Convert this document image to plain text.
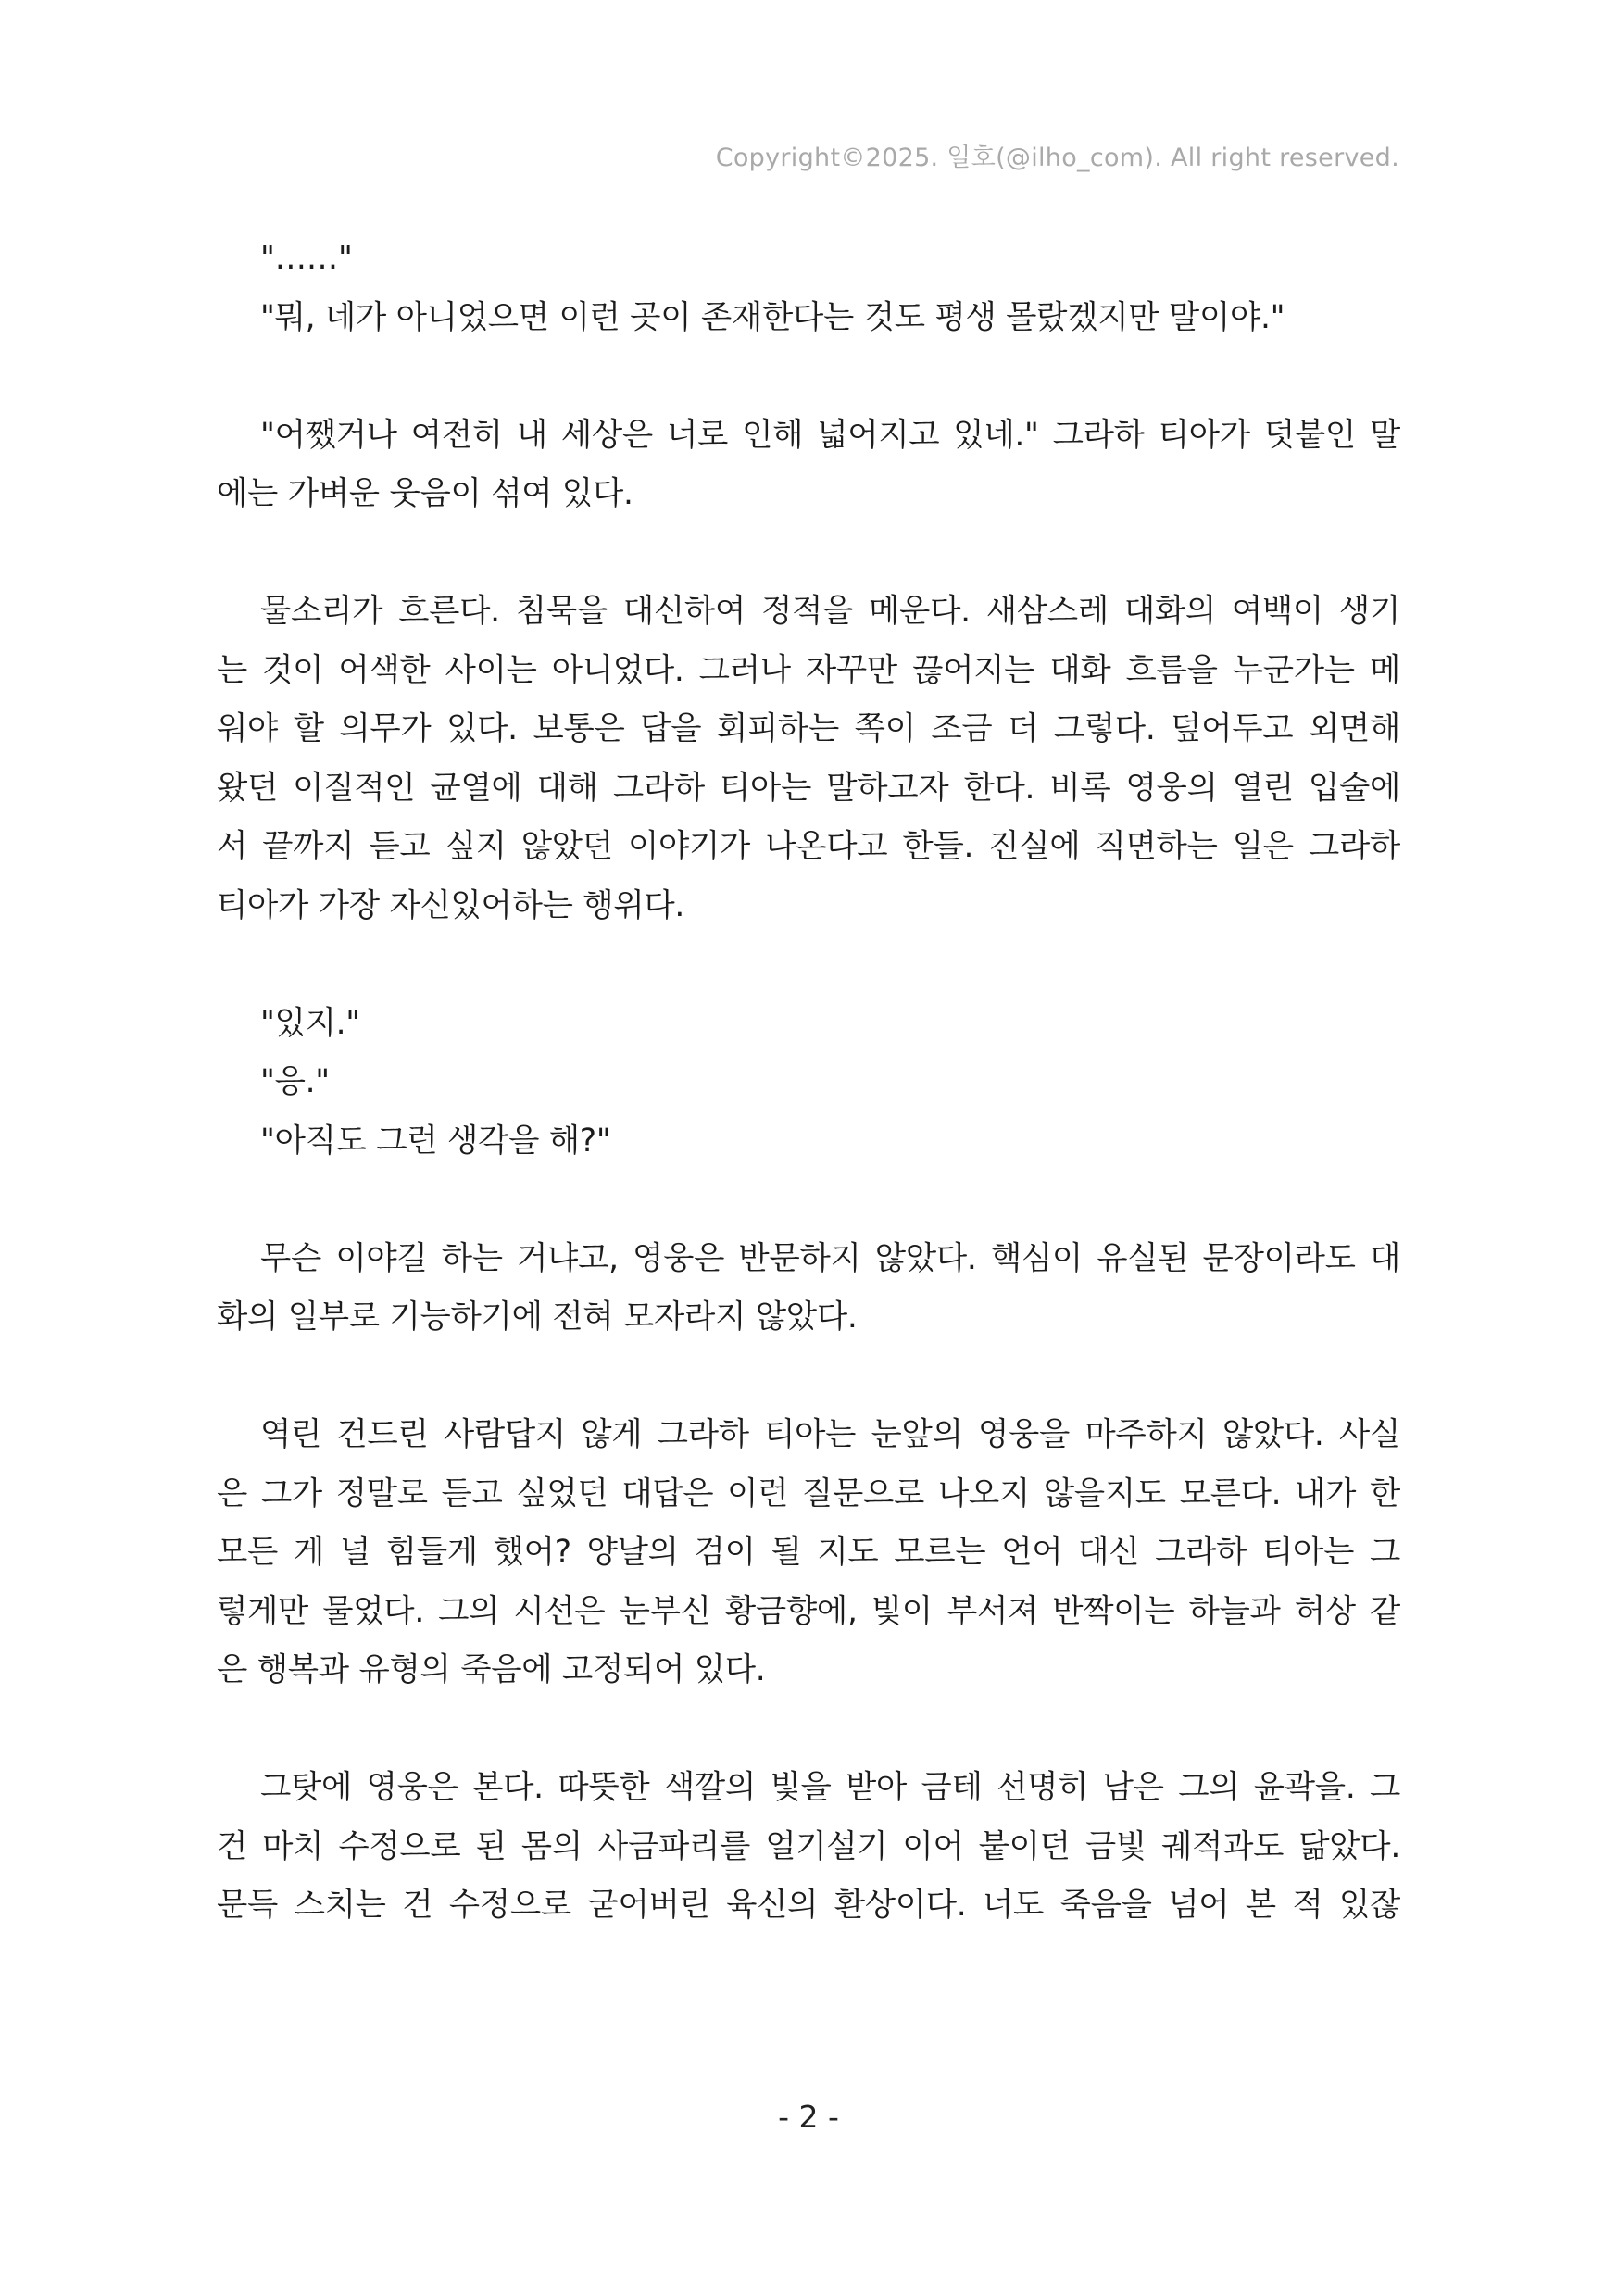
Copyright©2025. 일호(@ilho_com). All right reserved.
"……"
"뭐, 네가 아니었으면 이런 곳이 존재한다는 것도 평생 몰랐겠지만 말이야."
"어쨌거나 여전히 내 세상은 너로 인해 넓어지고 있네." 그라하 티아가 덧붙인 말
에는 가벼운 웃음이 섞여 있다.
물소리가 흐른다. 침묵을 대신하여 정적을 메운다. 새삼스레 대화의 여백이 생기
는 것이 어색한 사이는 아니었다. 그러나 자꾸만 끊어지는 대화 흐름을 누군가는 메
워야 할 의무가 있다. 보통은 답을 회피하는 쪽이 조금 더 그렇다. 덮어두고 외면해
왔던 이질적인 균열에 대해 그라하 티아는 말하고자 한다. 비록 영웅의 열린 입술에
서 끝까지 듣고 싶지 않았던 이야기가 나온다고 한들. 진실에 직면하는 일은 그라하
티아가 가장 자신있어하는 행위다.
"있지."
"응."
"아직도 그런 생각을 해?"
무슨 이야길 하는 거냐고, 영웅은 반문하지 않았다. 핵심이 유실된 문장이라도 대
화의 일부로 기능하기에 전혀 모자라지 않았다.
역린 건드린 사람답지 않게 그라하 티아는 눈앞의 영웅을 마주하지 않았다. 사실
은 그가 정말로 듣고 싶었던 대답은 이런 질문으로 나오지 않을지도 모른다. 내가 한
모든 게 널 힘들게 했어? 양날의 검이 될 지도 모르는 언어 대신 그라하 티아는 그
렇게만 물었다. 그의 시선은 눈부신 황금향에, 빛이 부서져 반짝이는 하늘과 허상 같
은 행복과 유형의 죽음에 고정되어 있다.
그탓에 영웅은 본다. 따뜻한 색깔의 빛을 받아 금테 선명히 남은 그의 윤곽을. 그
건 마치 수정으로 된 몸의 사금파리를 얼기설기 이어 붙이던 금빛 궤적과도 닮았다.
문득 스치는 건 수정으로 굳어버린 육신의 환상이다. 너도 죽음을 넘어 본 적 있잖
- 2 -
